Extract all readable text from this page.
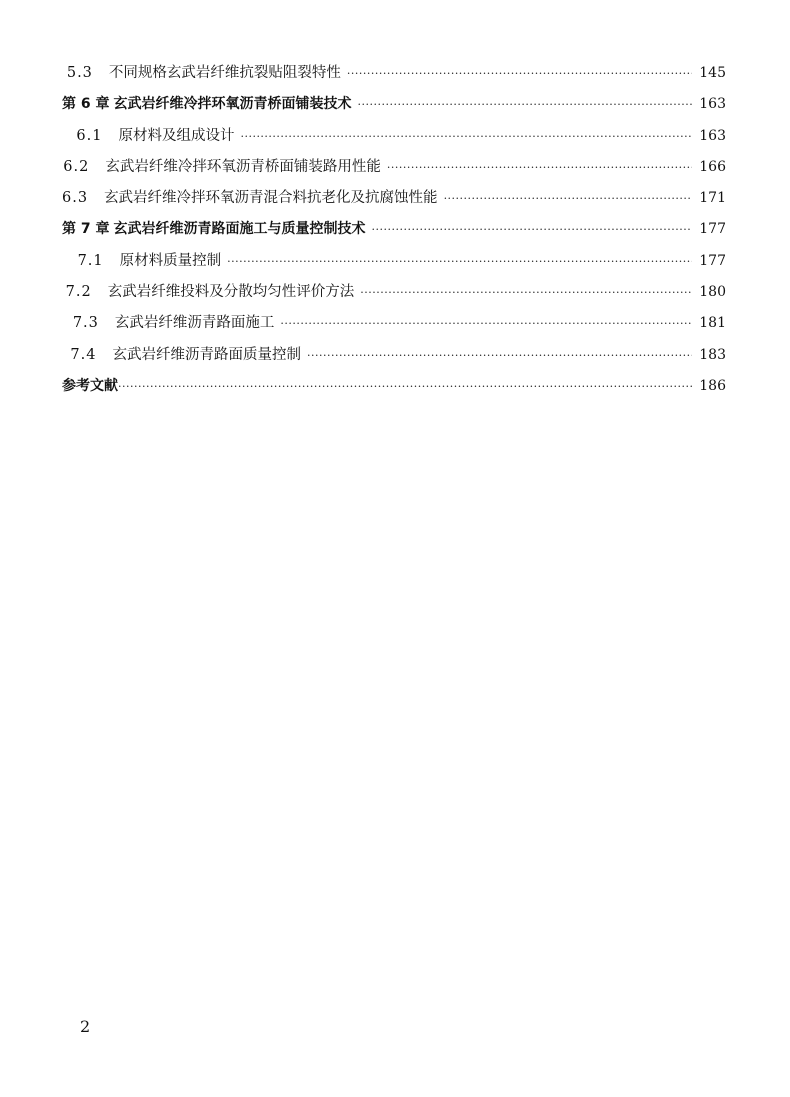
5.3 不同规格玄武岩纤维抗裂贴阻裂特性 ·····	145
第 6 章 玄武岩纤维冷拌环氧沥青桥面铺装技术 ·····	163
6.1 原材料及组成设计 ·····	163
6.2 玄武岩纤维冷拌环氧沥青桥面铺装路用性能 ·····	166
6.3 玄武岩纤维冷拌环氧沥青混合料抗老化及抗腐蚀性能 ·····	171
第 7 章 玄武岩纤维沥青路面施工与质量控制技术 ·····	177
7.1 原材料质量控制 ·····	177
7.2 玄武岩纤维投料及分散均匀性评价方法 ·····	180
7.3 玄武岩纤维沥青路面施工 ·····	181
7.4 玄武岩纤维沥青路面质量控制 ·····	183
参考文献 ·····	186
2
